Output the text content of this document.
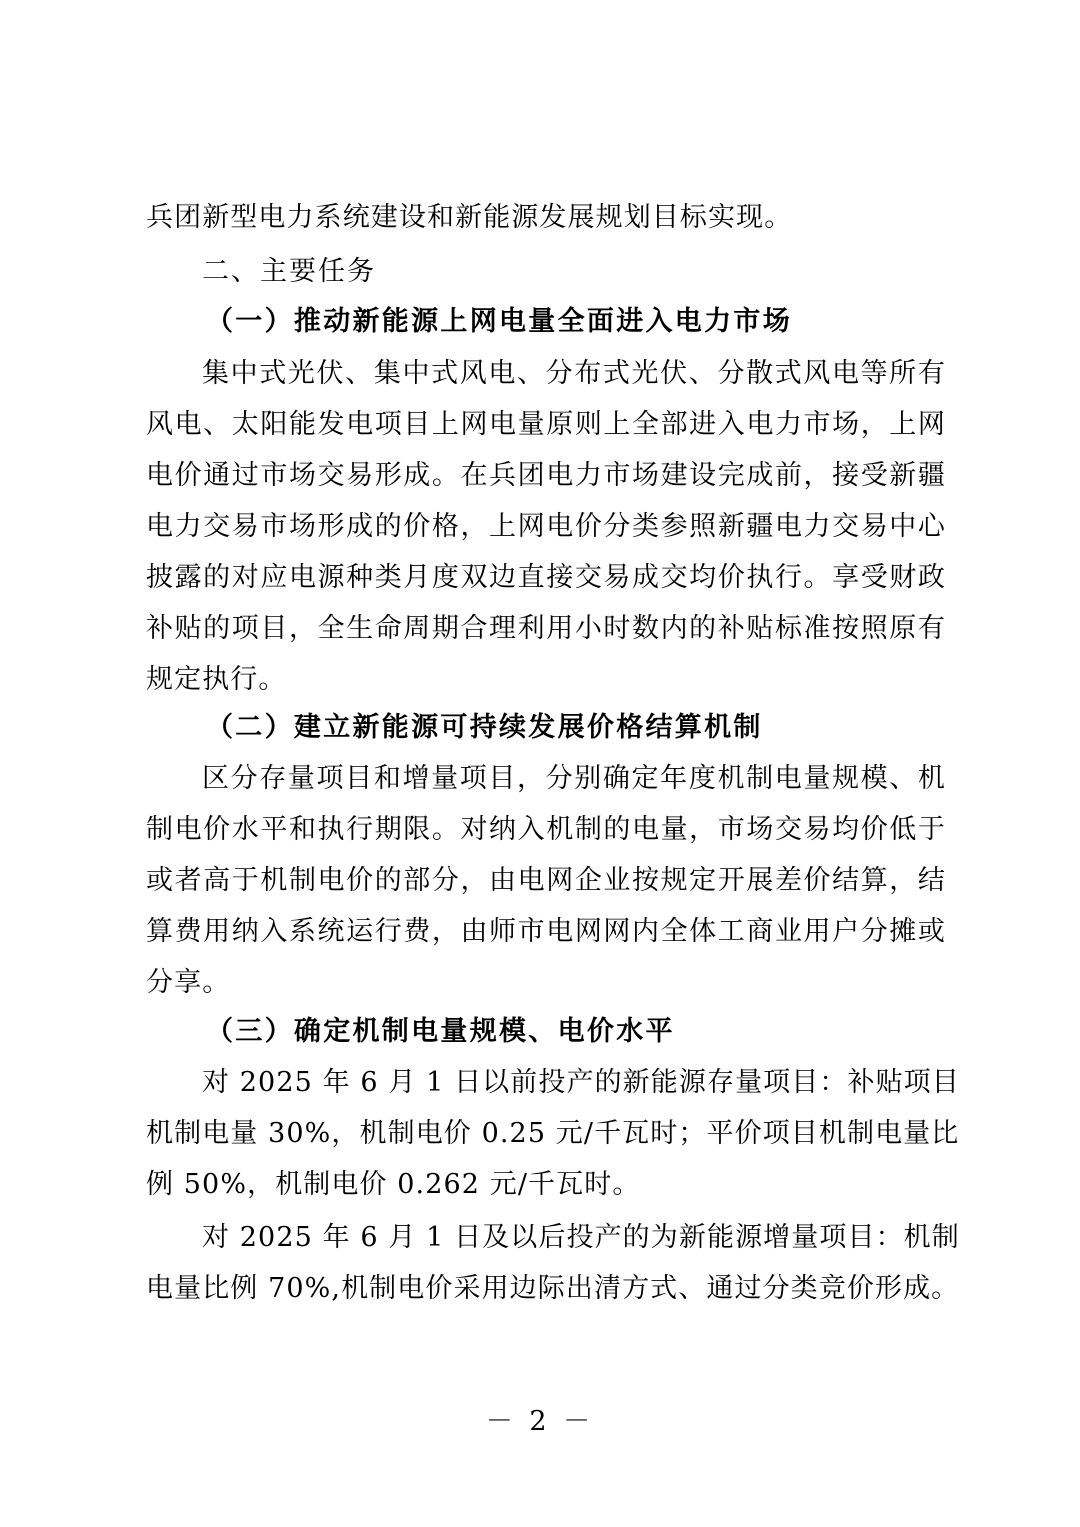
兵团新型电力系统建设和新能源发展规划目标实现。
二、主要任务
（一）推动新能源上网电量全面进入电力市场
集中式光伏、集中式风电、分布式光伏、分散式风电等所有
风电、太阳能发电项目上网电量原则上全部进入电力市场，上网
电价通过市场交易形成。在兵团电力市场建设完成前，接受新疆
电力交易市场形成的价格，上网电价分类参照新疆电力交易中心
披露的对应电源种类月度双边直接交易成交均价执行。享受财政
补贴的项目，全生命周期合理利用小时数内的补贴标准按照原有
规定执行。
（二）建立新能源可持续发展价格结算机制
区分存量项目和增量项目，分别确定年度机制电量规模、机
制电价水平和执行期限。对纳入机制的电量，市场交易均价低于
或者高于机制电价的部分，由电网企业按规定开展差价结算，结
算费用纳入系统运行费，由师市电网网内全体工商业用户分摊或
分享。
（三）确定机制电量规模、电价水平
对 2025 年 6 月 1 日以前投产的新能源存量项目：补贴项目
机制电量 30%，机制电价 0.25 元/千瓦时；平价项目机制电量比
例 50%，机制电价 0.262 元/千瓦时。
对 2025 年 6 月 1 日及以后投产的为新能源增量项目：机制
电量比例 70%,机制电价采用边际出清方式、通过分类竞价形成。
－ 2 －
